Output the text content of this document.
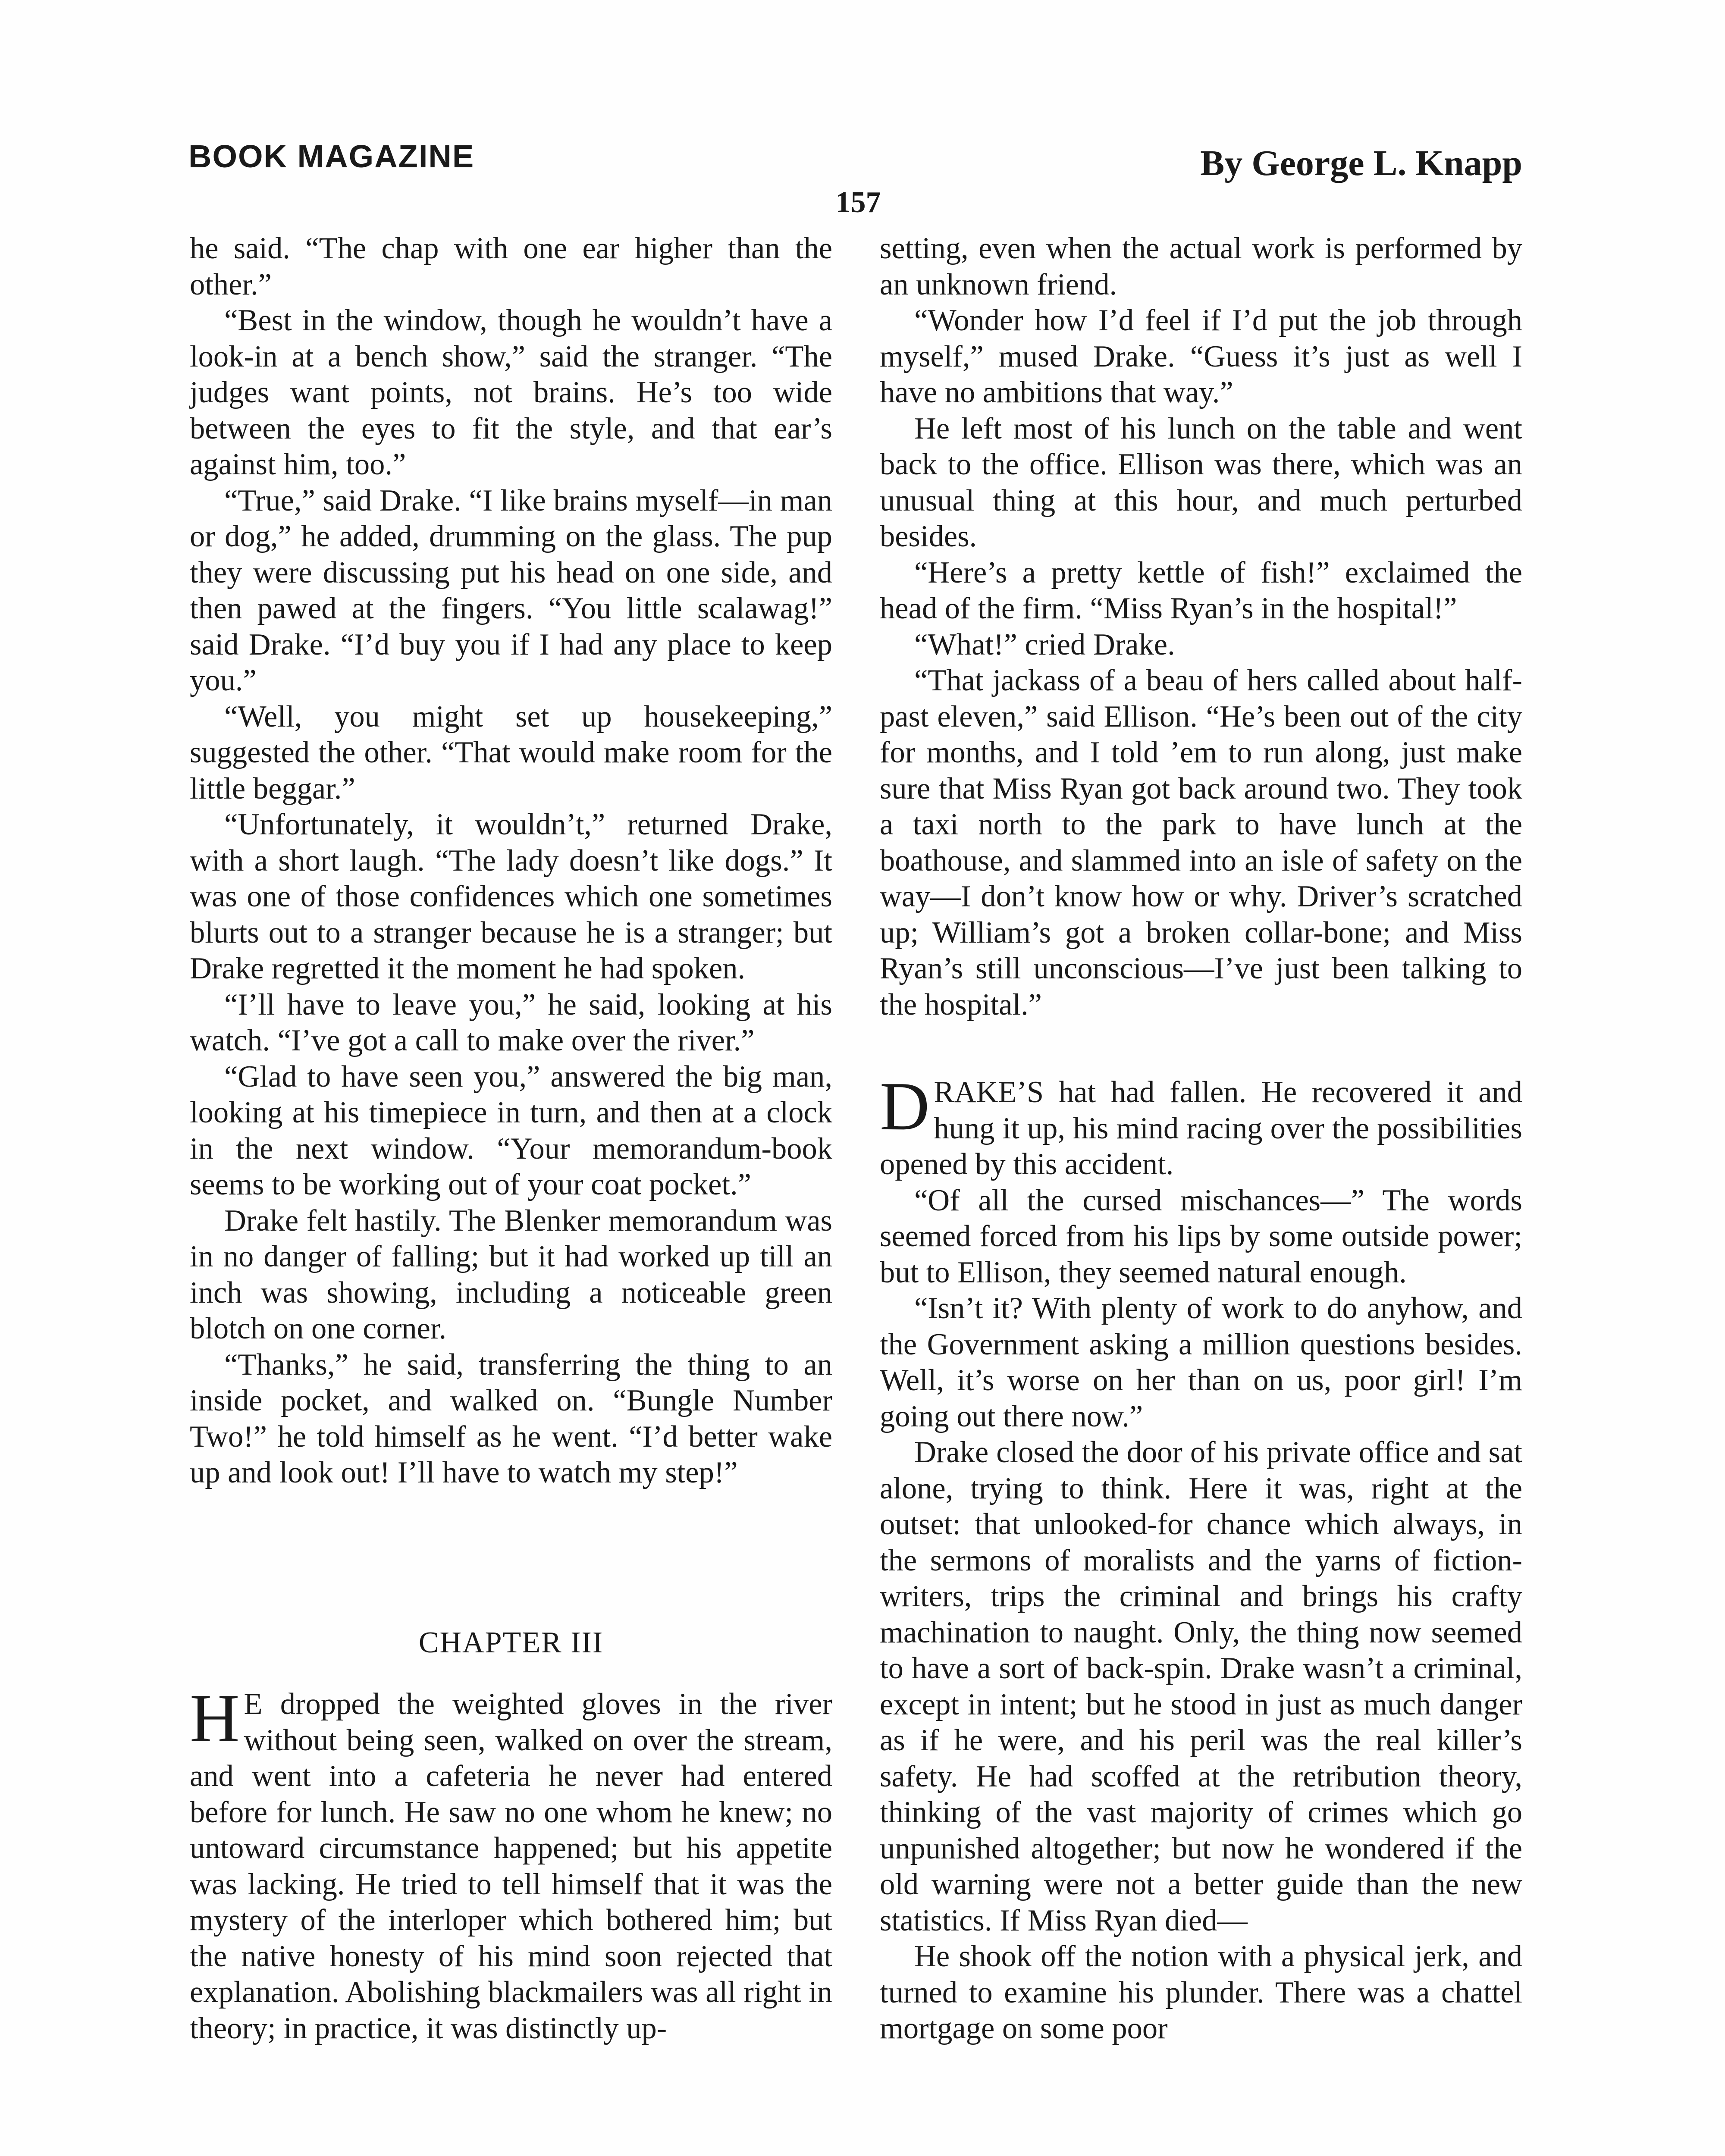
BOOK MAGAZINE	By George L. Knapp
157

he said. “The chap with one ear higher than the other.”

“Best in the window, though he wouldn’t have a look-in at a bench show,” said the stranger. “The judges want points, not brains. He’s too wide between the eyes to fit the style, and that ear’s against him, too.”

“True,” said Drake. “I like brains myself—in man or dog,” he added, drumming on the glass. The pup they were discussing put his head on one side, and then pawed at the fingers. “You little scalawag!” said Drake. “I’d buy you if I had any place to keep you.”

“Well, you might set up housekeeping,” suggested the other. “That would make room for the little beggar.”

“Unfortunately, it wouldn’t,” returned Drake, with a short laugh. “The lady doesn’t like dogs.” It was one of those confidences which one sometimes blurts out to a stranger because he is a stranger; but Drake regretted it the moment he had spoken.

“I’ll have to leave you,” he said, looking at his watch. “I’ve got a call to make over the river.”

“Glad to have seen you,” answered the big man, looking at his timepiece in turn, and then at a clock in the next window. “Your memorandum-book seems to be working out of your coat pocket.”

Drake felt hastily. The Blenker memorandum was in no danger of falling; but it had worked up till an inch was showing, including a noticeable green blotch on one corner.

“Thanks,” he said, transferring the thing to an inside pocket, and walked on. “Bungle Number Two!” he told himself as he went. “I’d better wake up and look out! I’ll have to watch my step!”

CHAPTER III

H E dropped the weighted gloves in the river without being seen, walked on over the stream, and went into a cafeteria he never had entered before for lunch. He saw no one whom he knew; no untoward circumstance happened; but his appetite was lacking. He tried to tell himself that it was the mystery of the interloper which bothered him; but the native honesty of his mind soon rejected that explanation. Abolishing blackmailers was all right in theory; in practice, it was distinctly up-

setting, even when the actual work is performed by an unknown friend.

“Wonder how I’d feel if I’d put the job through myself,” mused Drake. “Guess it’s just as well I have no ambitions that way.”

He left most of his lunch on the table and went back to the office. Ellison was there, which was an unusual thing at this hour, and much perturbed besides.

“Here’s a pretty kettle of fish!” exclaimed the head of the firm. “Miss Ryan’s in the hospital!”

“What!” cried Drake.

“That jackass of a beau of hers called about half-past eleven,” said Ellison. “He’s been out of the city for months, and I told ’em to run along, just make sure that Miss Ryan got back around two. They took a taxi north to the park to have lunch at the boathouse, and slammed into an isle of safety on the way—I don’t know how or why. Driver’s scratched up; William’s got a broken collar-bone; and Miss Ryan’s still unconscious—I’ve just been talking to the hospital.”

DRAKE’S hat had fallen. He recovered it and hung it up, his mind racing over the possibilities opened by this accident.

“Of all the cursed mischances—” The words seemed forced from his lips by some outside power; but to Ellison, they seemed natural enough.

“Isn’t it? With plenty of work to do anyhow, and the Government asking a million questions besides. Well, it’s worse on her than on us, poor girl! I’m going out there now.”

Drake closed the door of his private office and sat alone, trying to think. Here it was, right at the outset: that unlooked-for chance which always, in the sermons of moralists and the yarns of fiction-writers, trips the criminal and brings his crafty machination to naught. Only, the thing now seemed to have a sort of back-spin. Drake wasn’t a criminal, except in intent; but he stood in just as much danger as if he were, and his peril was the real killer’s safety. He had scoffed at the retribution theory, thinking of the vast majority of crimes which go unpunished altogether; but now he wondered if the old warning were not a better guide than the new statistics. If Miss Ryan died—

He shook off the notion with a physical jerk, and turned to examine his plunder. There was a chattel mortgage on some poor
